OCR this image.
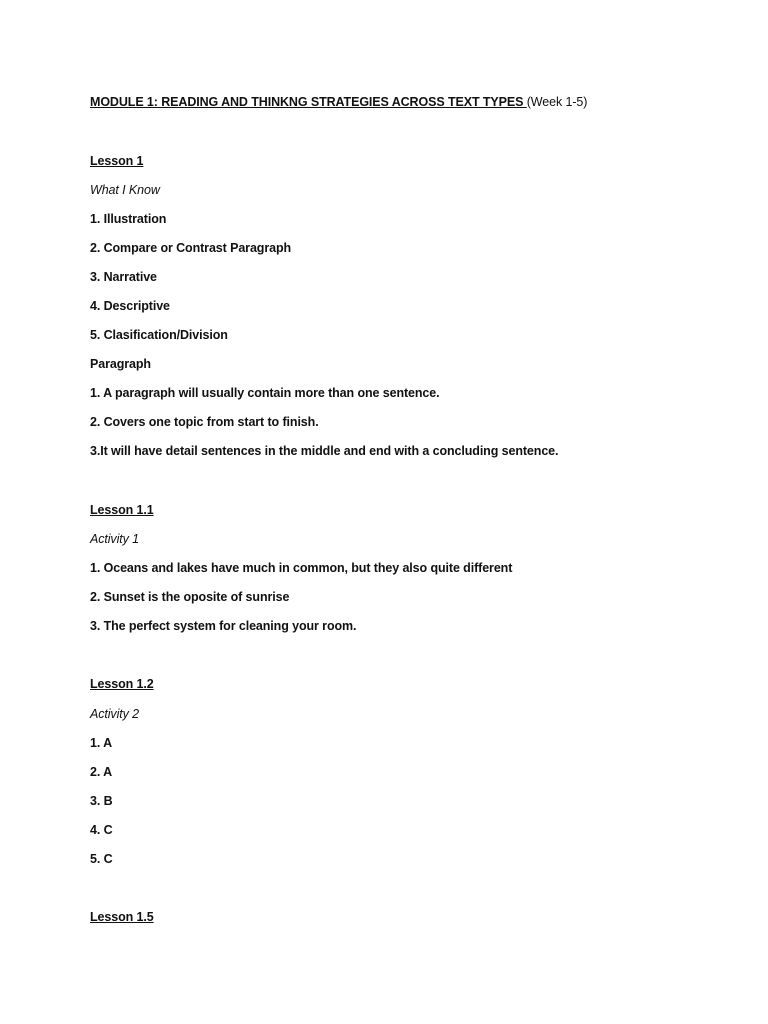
MODULE 1: READING AND THINKNG STRATEGIES ACROSS TEXT TYPES (Week 1-5)
Lesson 1
What I Know
1. Illustration
2. Compare or Contrast Paragraph
3. Narrative
4. Descriptive
5. Clasification/Division
Paragraph
1. A paragraph will usually contain more than one sentence.
2. Covers one topic from start to finish.
3.It will have detail sentences in the middle and end with a concluding sentence.
Lesson 1.1
Activity 1
1. Oceans and lakes have much in common, but they also quite different
2. Sunset is the oposite of sunrise
3. The perfect system for cleaning your room.
Lesson 1.2
Activity 2
1. A
2. A
3. B
4. C
5. C
Lesson 1.5
